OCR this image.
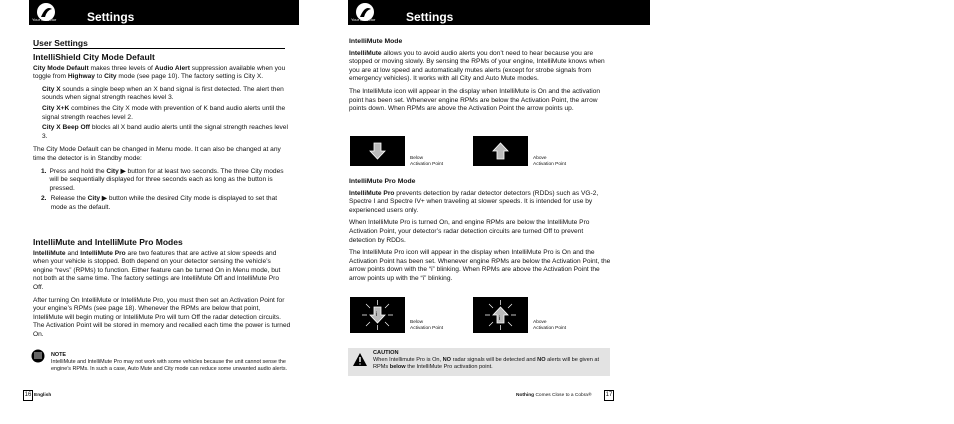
Your Detector	Settings
User Settings
IntelliShield City Mode Default

City Mode Default makes three levels of Audio Alert suppression available when you toggle from Highway to City mode (see page 10). The factory setting is City X.

City X sounds a single beep when an X band signal is first detected. The alert then sounds when signal strength reaches level 3.

City X+K combines the City X mode with prevention of K band audio alerts until the signal strength reaches level 2.

City X Beep Off blocks all X band audio alerts until the signal strength reaches level 3.

The City Mode Default can be changed in Menu mode. It can also be changed at any time the detector is in Standby mode:

1. Press and hold the City ▶ button for at least two seconds. The three City modes will be sequentially displayed for three seconds each as long as the button is pressed.

2. Release the City ▶ button while the desired City mode is displayed to set that mode as the default.

IntelliMute and IntelliMute Pro Modes

IntelliMute and IntelliMute Pro are two features that are active at slow speeds and when your vehicle is stopped. Both depend on your detector sensing the vehicle’s engine “revs” (RPMs) to function. Either feature can be turned On in Menu mode, but not both at the same time. The factory settings are IntelliMute Off and IntelliMute Pro Off.

After turning On IntelliMute or IntelliMute Pro, you must then set an Activation Point for your engine’s RPMs (see page 18). Whenever the RPMs are below that point, IntelliMute will begin muting or IntelliMute Pro will turn Off the radar detection circuits. The Activation Point will be stored in memory and recalled each time the power is turned On.

NOTE
IntelliMute and IntelliMute Pro may not work with some vehicles because the unit cannot sense the engine’s RPMs. In such a case, Auto Mute and City mode can reduce some unwanted audio alerts.
16 English
Your Detector	Settings
IntelliMute Mode

IntelliMute allows you to avoid audio alerts you don’t need to hear because you are stopped or moving slowly. By sensing the RPMs of your engine, IntelliMute knows when you are at low speed and automatically mutes alerts (except for strobe signals from emergency vehicles). It works with all City and Auto Mute modes.

The IntelliMute icon will appear in the display when IntelliMute is On and the activation point has been set. Whenever engine RPMs are below the Activation Point, the arrow points down. When RPMs are above the Activation Point the arrow points up.

Below
Activation Point
Above
Activation Point
IntelliMute Pro Mode

IntelliMute Pro prevents detection by radar detector detectors (RDDs) such as VG-2, Spectre I and Spectre IV+ when traveling at slower speeds. It is intended for use by experienced users only.

When IntelliMute Pro is turned On, and engine RPMs are below the IntelliMute Pro Activation Point, your detector’s radar detection circuits are turned Off to prevent detection by RDDs.

The IntelliMute Pro icon will appear in the display when IntelliMute Pro is On and the Activation Point has been set. Whenever engine RPMs are below the Activation Point, the arrow points down with the “i” blinking. When RPMs are above the Activation Point the arrow points up with the “i” blinking.

i
Below
Activation Point
i
Above
Activation Point
CAUTION
When Intellimute Pro is On, NO radar signals will be detected and NO alerts will be given at RPMs below the IntelliMute Pro activation point.
Nothing Comes Close to a Cobra® 17
